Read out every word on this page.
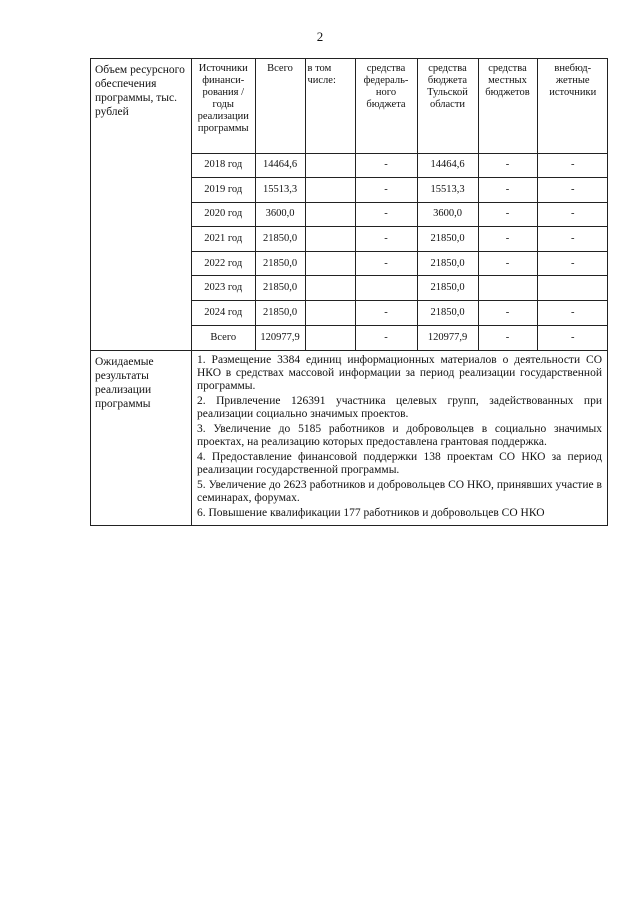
2
Объем ресурсного обеспечения программы, тыс. рублей	
Источники финанси-рования /годы реализации программы	Всего	в том числе:	средства федераль-ного бюджета	средства бюджета Тульской области	средства местных бюджетов	внебюд-жетные источники
2018 год	14464,6		-	14464,6	-	-
2019 год	15513,3		-	15513,3	-	-
2020 год	3600,0		-	3600,0	-	-
2021 год	21850,0		-	21850,0	-	-
2022 год	21850,0		-	21850,0	-	-
2023 год	21850,0			21850,0		
2024 год	21850,0		-	21850,0	-	-
Всего	120977,9		-	120977,9	-	-

Ожидаемые результаты реализации программы	

1. Размещение 3384 единиц информационных материалов о деятельности СО НКО в средствах массовой информации за период реализации государственной программы.

2. Привлечение 126391 участника целевых групп, задействованных при реализации социально значимых проектов.

3. Увеличение до 5185 работников и добровольцев в социально значимых проектах, на реализацию которых предоставлена грантовая поддержка.

4. Предоставление финансовой поддержки 138 проектам СО НКО за период реализации государственной программы.

5. Увеличение до 2623 работников и добровольцев СО НКО, принявших участие в семинарах, форумах.

6. Повышение квалификации 177 работников и добровольцев СО НКО
